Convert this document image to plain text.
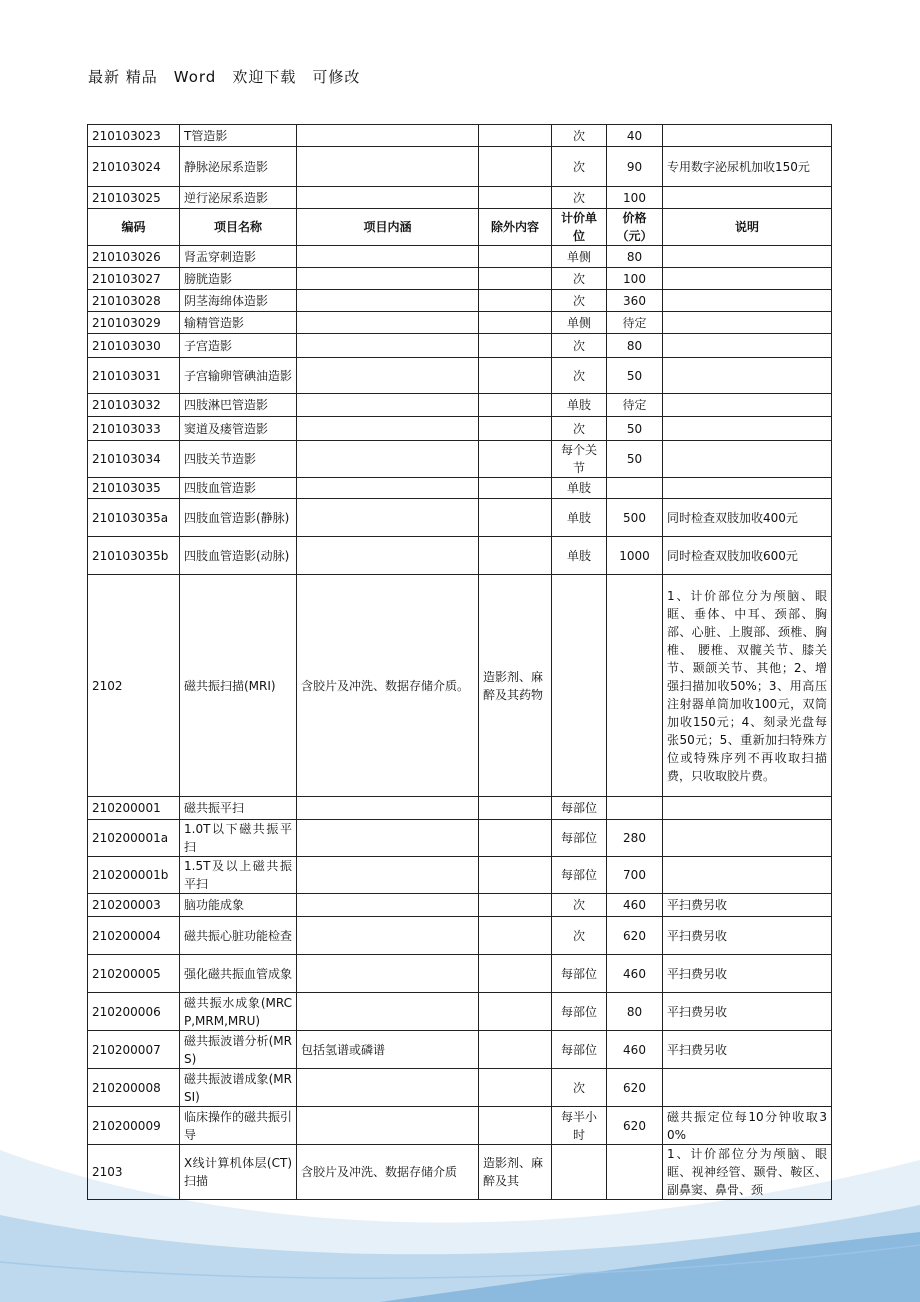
最新 精品　Word　欢迎下载　可修改
210103023	T管造影			次	40	
210103024	静脉泌尿系造影			次	90	专用数字泌尿机加收150元
210103025	逆行泌尿系造影			次	100	
编码	项目名称	项目内涵	除外内容	计价单位	价格（元）	说明
210103026	肾盂穿刺造影			单侧	80	
210103027	膀胱造影			次	100	
210103028	阴茎海绵体造影			次	360	
210103029	输精管造影			单侧	待定	
210103030	子宫造影			次	80	
210103031	子宫输卵管碘油造影			次	50	
210103032	四肢淋巴管造影			单肢	待定	
210103033	窦道及瘘管造影			次	50	
210103034	四肢关节造影			每个关节	50	
210103035	四肢血管造影			单肢		
210103035a	四肢血管造影(静脉)			单肢	500	同时检查双肢加收400元
210103035b	四肢血管造影(动脉)			单肢	1000	同时检查双肢加收600元
2102	磁共振扫描(MRI)	含胶片及冲洗、数据存储介质。	造影剂、麻醉及其药物			1、计价部位分为颅脑、眼眶、垂体、中耳、颈部、胸部、心脏、上腹部、颈椎、胸椎、 腰椎、双髋关节、膝关节、颞颌关节、其他；2、增强扫描加收50%；3、用高压注射器单筒加收100元，双筒加收150元；4、刻录光盘每张50元；5、重新加扫特殊方位或特殊序列不再收取扫描费，只收取胶片费。
210200001	磁共振平扫			每部位		
210200001a	1.0T以下磁共振平扫			每部位	280	
210200001b	1.5T及以上磁共振平扫			每部位	700	
210200003	脑功能成象			次	460	平扫费另收
210200004	磁共振心脏功能检查			次	620	平扫费另收
210200005	强化磁共振血管成象			每部位	460	平扫费另收
210200006	磁共振水成象(MRCP,MRM,MRU)			每部位	80	平扫费另收
210200007	磁共振波谱分析(MRS)	包括氢谱或磷谱		每部位	460	平扫费另收
210200008	磁共振波谱成象(MRSI)			次	620	
210200009	临床操作的磁共振引导			每半小时	620	磁共振定位每10分钟收取30%
2103	X线计算机体层(CT)扫描	含胶片及冲洗、数据存储介质	造影剂、麻醉及其			1、计价部位分为颅脑、眼眶、视神经管、颞骨、鞍区、副鼻窦、鼻骨、颈
